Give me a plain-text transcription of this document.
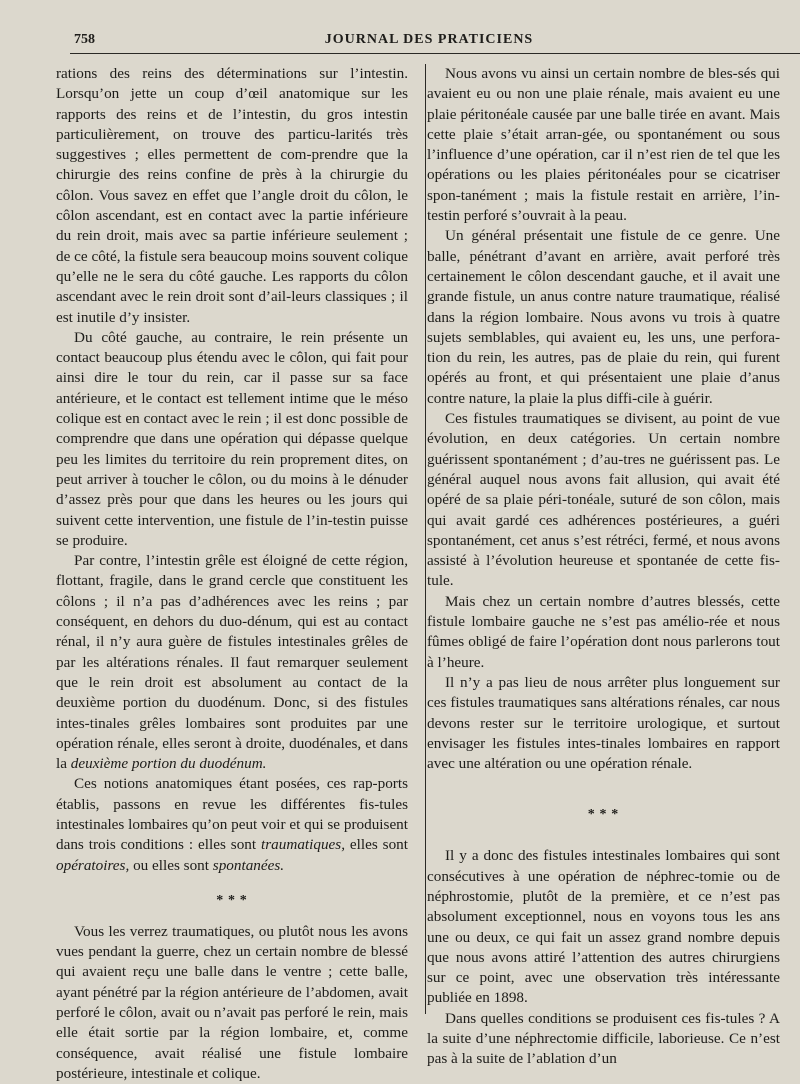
758	JOURNAL DES PRATICIENS

rations des reins des déterminations sur l’intestin. Lorsqu’on jette un coup d’œil anatomique sur les rapports des reins et de l’intestin, du gros intestin particulièrement, on trouve des particu-larités très suggestives ; elles permettent de com-prendre que la chirurgie des reins confine de près à la chirurgie du côlon. Vous savez en effet que l’angle droit du côlon, le côlon ascendant, est en contact avec la partie inférieure du rein droit, mais avec sa partie inférieure seulement ; de ce côté, la fistule sera beaucoup moins souvent colique qu’elle ne le sera du côté gauche. Les rapports du côlon ascendant avec le rein droit sont d’ail-leurs classiques ; il est inutile d’y insister.

Du côté gauche, au contraire, le rein présente un contact beaucoup plus étendu avec le côlon, qui fait pour ainsi dire le tour du rein, car il passe sur sa face antérieure, et le contact est tellement intime que le méso colique est en contact avec le rein ; il est donc possible de comprendre que dans une opération qui dépasse quelque peu les limites du territoire du rein proprement dites, on peut arriver à toucher le côlon, ou du moins à le dénuder d’assez près pour que dans les heures ou les jours qui suivent cette intervention, une fistule de l’in-testin puisse se produire.

Par contre, l’intestin grêle est éloigné de cette région, flottant, fragile, dans le grand cercle que constituent les côlons ; il n’a pas d’adhérences avec les reins ; par conséquent, en dehors du duo-dénum, qui est au contact rénal, il n’y aura guère de fistules intestinales grêles de par les altérations rénales. Il faut remarquer seulement que le rein droit est absolument au contact de la deuxième portion du duodénum. Donc, si des fistules intes-tinales grêles lombaires sont produites par une opération rénale, elles seront à droite, duodénales, et dans la deuxième portion du duodénum.

Ces notions anatomiques étant posées, ces rap-ports établis, passons en revue les différentes fis-tules intestinales lombaires qu’on peut voir et qui se produisent dans trois conditions : elles sont traumatiques, elles sont opératoires, ou elles sont spontanées.

* * *

Vous les verrez traumatiques, ou plutôt nous les avons vues pendant la guerre, chez un certain nombre de blessé qui avaient reçu une balle dans le ventre ; cette balle, ayant pénétré par la région antérieure de l’abdomen, avait perforé le côlon, avait ou n’avait pas perforé le rein, mais elle était sortie par la région lombaire, et, comme conséquence, avait réalisé une fistule lombaire postérieure, intestinale et colique.

Nous avons vu ainsi un certain nombre de bles-sés qui avaient eu ou non une plaie rénale, mais avaient eu une plaie péritonéale causée par une balle tirée en avant. Mais cette plaie s’était arran-gée, ou spontanément ou sous l’influence d’une opération, car il n’est rien de tel que les opérations ou les plaies péritonéales pour se cicatriser spon-tanément ; mais la fistule restait en arrière, l’in-testin perforé s’ouvrait à la peau.

Un général présentait une fistule de ce genre. Une balle, pénétrant d’avant en arrière, avait perforé très certainement le côlon descendant gauche, et il avait une grande fistule, un anus contre nature traumatique, réalisé dans la région lombaire. Nous avons vu trois à quatre sujets semblables, qui avaient eu, les uns, une perfora-tion du rein, les autres, pas de plaie du rein, qui furent opérés au front, et qui présentaient une plaie d’anus contre nature, la plaie la plus diffi-cile à guérir.

Ces fistules traumatiques se divisent, au point de vue évolution, en deux catégories. Un certain nombre guérissent spontanément ; d’au-tres ne guérissent pas. Le général auquel nous avons fait allusion, qui avait été opéré de sa plaie péri-tonéale, suturé de son côlon, mais qui avait gardé ces adhérences postérieures, a guéri spontanément, cet anus s’est rétréci, fermé, et nous avons assisté à l’évolution heureuse et spontanée de cette fis-tule.

Mais chez un certain nombre d’autres blessés, cette fistule lombaire gauche ne s’est pas amélio-rée et nous fûmes obligé de faire l’opération dont nous parlerons tout à l’heure.

Il n’y a pas lieu de nous arrêter plus longuement sur ces fistules traumatiques sans altérations rénales, car nous devons rester sur le territoire urologique, et surtout envisager les fistules intes-tinales lombaires en rapport avec une altération ou une opération rénale.

* * *

Il y a donc des fistules intestinales lombaires qui sont consécutives à une opération de néphrec-tomie ou de néphrostomie, plutôt de la première, et ce n’est pas absolument exceptionnel, nous en voyons tous les ans une ou deux, ce qui fait un assez grand nombre depuis que nous avons attiré l’attention des autres chirurgiens sur ce point, avec une observation très intéressante publiée en 1898.

Dans quelles conditions se produisent ces fis-tules ? A la suite d’une néphrectomie difficile, laborieuse. Ce n’est pas à la suite de l’ablation d’un
